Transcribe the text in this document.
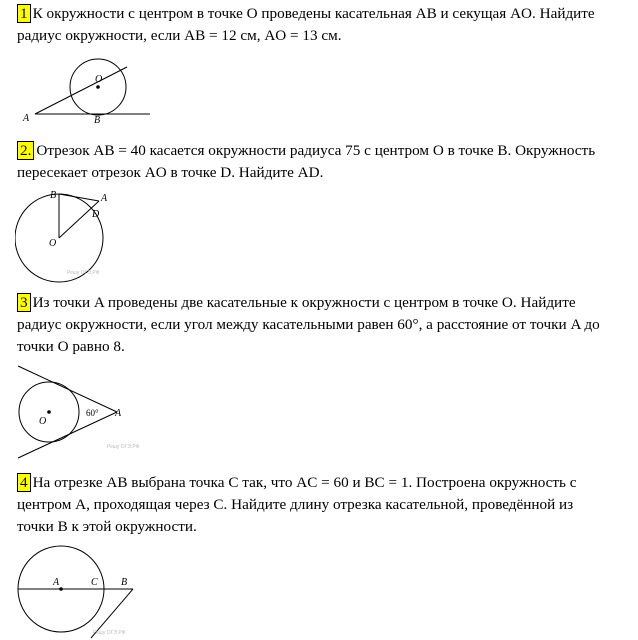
1 К окружности с центром в точке O проведены касательная AB и секущая AO. Найдите
радиус окружности, если AB = 12 см, AO = 13 см.
O
A	B
2. Отрезок AB = 40 касается окружности радиуса 75 с центром O в точке B. Окружность
пересекает отрезок AO в точке D. Найдите AD.
B	A
D
O
Решу ОГЭ.РФ
3 Из точки A проведены две касательные к окружности с центром в точке O. Найдите
радиус окружности, если угол между касательными равен 60°, а расстояние от точки A до
точки O равно 8.
O
60° A
Решу ОГЭ.РФ
4 На отрезке AB выбрана точка C так, что AC = 60 и BC = 1. Построена окружность с
центром A, проходящая через C. Найдите длину отрезка касательной, проведённой из
точки B к этой окружности.
A	C B
Решу ОГЭ.РФ
